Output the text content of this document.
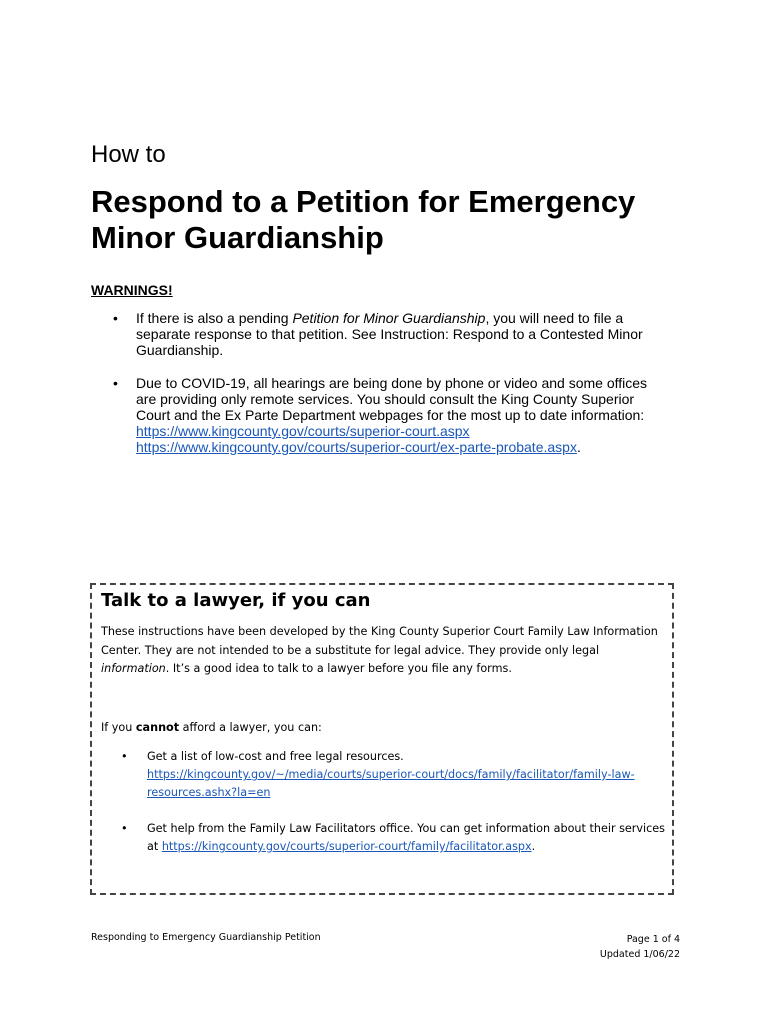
How to
Respond to a Petition for Emergency Minor Guardianship
WARNINGS!
• If there is also a pending Petition for Minor Guardianship, you will need to file a separate response to that petition. See Instruction: Respond to a Contested Minor Guardianship.
• Due to COVID-19, all hearings are being done by phone or video and some offices are providing only remote services. You should consult the King County Superior Court and the Ex Parte Department webpages for the most up to date information:
https://www.kingcounty.gov/courts/superior-court.aspx
https://www.kingcounty.gov/courts/superior-court/ex-parte-probate.aspx.
Talk to a lawyer, if you can
These instructions have been developed by the King County Superior Court Family Law Information Center. They are not intended to be a substitute for legal advice. They provide only legal information. It’s a good idea to talk to a lawyer before you file any forms.
If you cannot afford a lawyer, you can:
• Get a list of low-cost and free legal resources.
https://kingcounty.gov/~/media/courts/superior-court/docs/family/facilitator/family-law-resources.ashx?la=en
• Get help from the Family Law Facilitators office. You can get information about their services at https://kingcounty.gov/courts/superior-court/family/facilitator.aspx.
Responding to Emergency Guardianship Petition	Page 1 of 4
Updated 1/06/22
